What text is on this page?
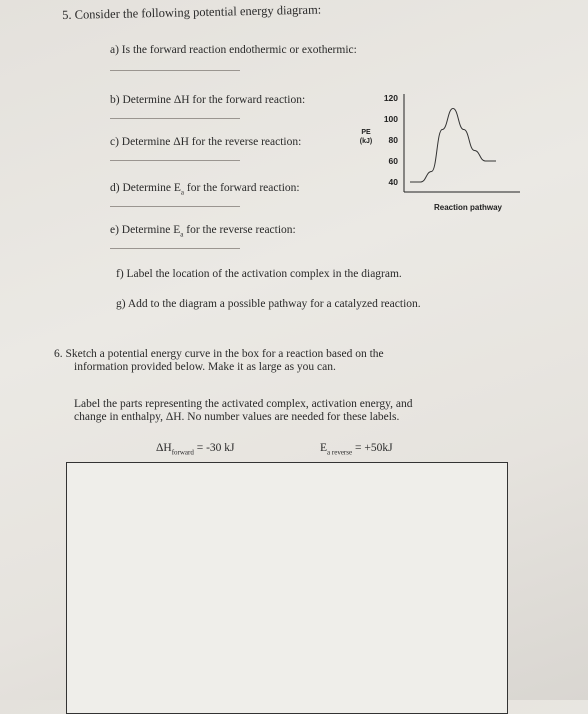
5. Consider the following potential energy diagram:
a) Is the forward reaction endothermic or exothermic:
b) Determine ΔH for the forward reaction:
c) Determine ΔH for the reverse reaction:
d) Determine $E_a$ for the forward reaction:
e) Determine $E_a$ for the reverse reaction:
f) Label the location of the activation complex in the diagram.
g) Add to the diagram a possible pathway for a catalyzed reaction.
120
100
80
60
40
PE
(kJ)
Reaction pathway
6. Sketch a potential energy curve in the box for a reaction based on the
information provided below. Make it as large as you can.
Label the parts representing the activated complex, activation energy, and
change in enthalpy, ΔH. No number values are needed for these labels.
$\Delta H_{forward} = -30$ kJ	$E_{a reverse} = +50kJ$
